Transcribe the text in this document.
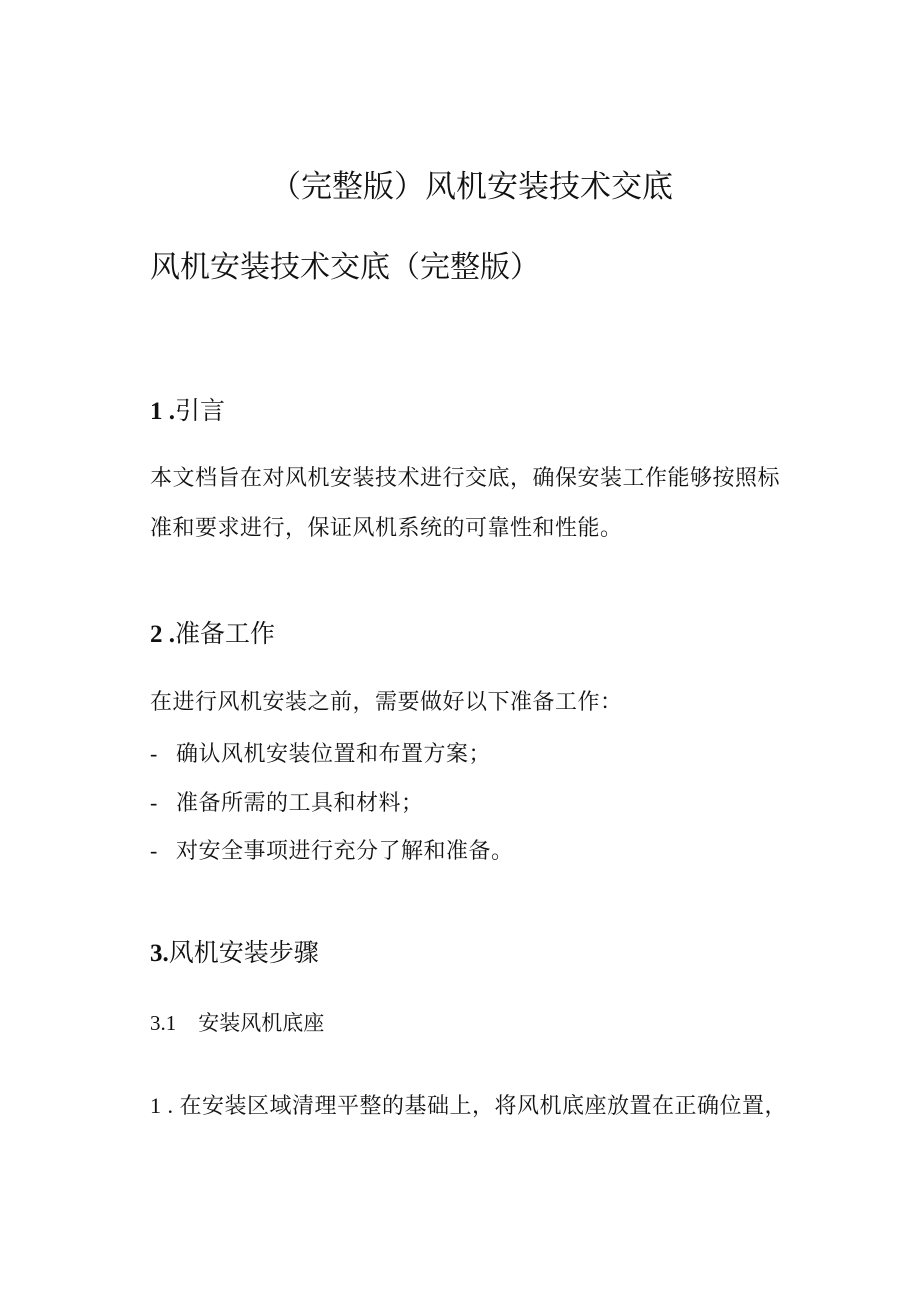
（完整版）风机安装技术交底
风机安装技术交底（完整版）
1 .引言

本文档旨在对风机安装技术进行交底，确保安装工作能够按照标

准和要求进行，保证风机系统的可靠性和性能。

2 .准备工作

在进行风机安装之前，需要做好以下准备工作：

- 确认风机安装位置和布置方案；
- 准备所需的工具和材料；
- 对安全事项进行充分了解和准备。
3.风机安装步骤
3.1 安装风机底座
1 . 在安装区域清理平整的基础上，将风机底座放置在正确位置，
